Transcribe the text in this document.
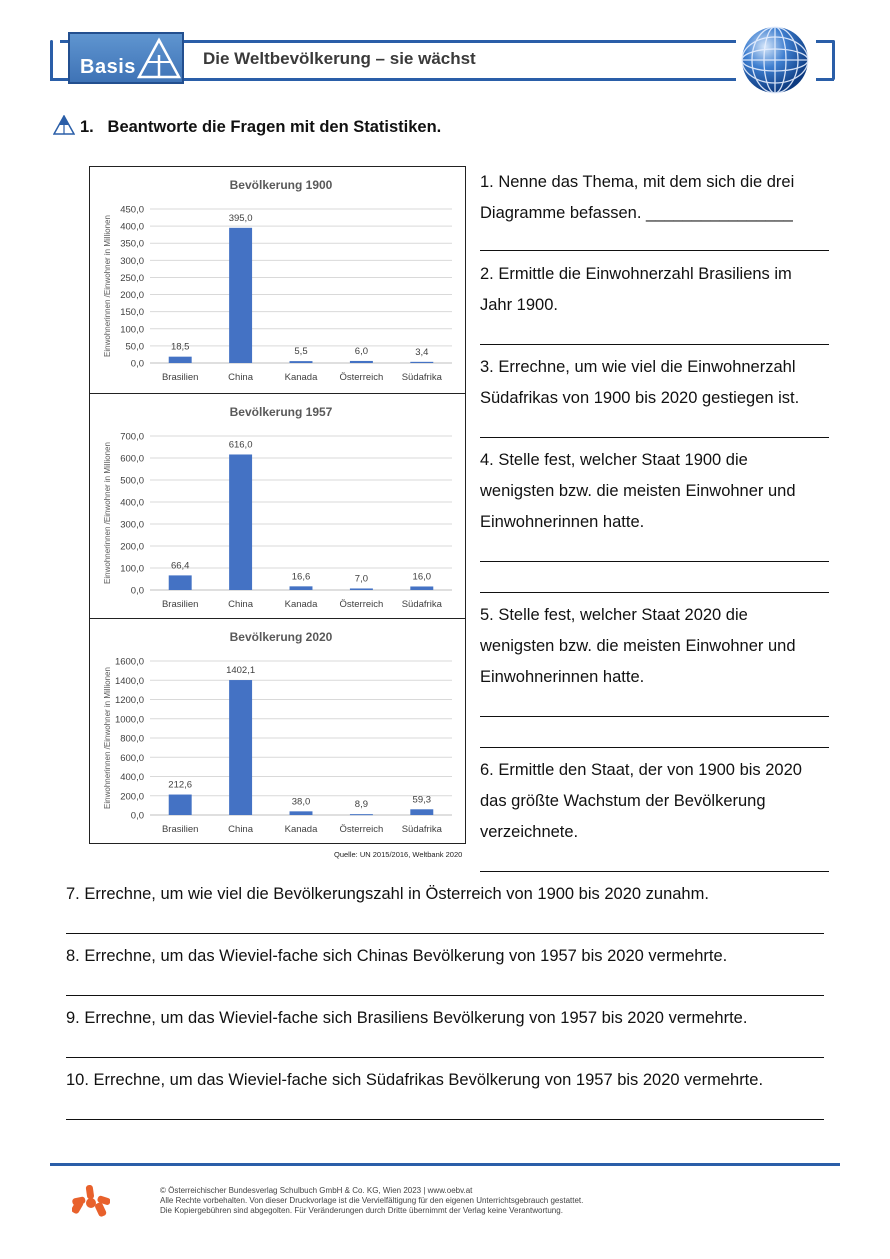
Basis	Die Weltbevölkerung – sie wächst
1. Beantworte die Fragen mit den Statistiken.
Bevölkerung 1900
Einwohnerinnen /Einwohner in Millionen
0,0
50,0
100,0
150,0
200,0
250,0
300,0
350,0
400,0
450,0
18,5
Brasilien
395,0
China
5,5
Kanada
6,0
Österreich
3,4
Südafrika
Bevölkerung 1957
Einwohnerinnen /Einwohner in Millionen
0,0
100,0
200,0
300,0
400,0
500,0
600,0
700,0
66,4
Brasilien
616,0
China
16,6
Kanada
7,0
Österreich
16,0
Südafrika
Bevölkerung 2020
Einwohnerinnen /Einwohner in Millionen
0,0
200,0
400,0
600,0
800,0
1000,0
1200,0
1400,0
1600,0
212,6
Brasilien
1402,1
China
38,0
Kanada
8,9
Österreich
59,3
Südafrika
Quelle: UN 2015/2016, Weltbank 2020
1. Nenne das Thema, mit dem sich die drei
Diagramme befassen. ________________
2. Ermittle die Einwohnerzahl Brasiliens im
Jahr 1900.
3. Errechne, um wie viel die Einwohnerzahl
Südafrikas von 1900 bis 2020 gestiegen ist.
4. Stelle fest, welcher Staat 1900 die
wenigsten bzw. die meisten Einwohner und
Einwohnerinnen hatte.
5. Stelle fest, welcher Staat 2020 die
wenigsten bzw. die meisten Einwohner und
Einwohnerinnen hatte.
6. Ermittle den Staat, der von 1900 bis 2020
das größte Wachstum der Bevölkerung
verzeichnete.
7. Errechne, um wie viel die Bevölkerungszahl in Österreich von 1900 bis 2020 zunahm.
8. Errechne, um das Wieviel-fache sich Chinas Bevölkerung von 1957 bis 2020 vermehrte.
9. Errechne, um das Wieviel-fache sich Brasiliens Bevölkerung von 1957 bis 2020 vermehrte.
10. Errechne, um das Wieviel-fache sich Südafrikas Bevölkerung von 1957 bis 2020 vermehrte.
© Österreichischer Bundesverlag Schulbuch GmbH & Co. KG, Wien 2023 | www.oebv.at
Alle Rechte vorbehalten. Von dieser Druckvorlage ist die Vervielfältigung für den eigenen Unterrichtsgebrauch gestattet.
Die Kopiergebühren sind abgegolten. Für Veränderungen durch Dritte übernimmt der Verlag keine Verantwortung.
